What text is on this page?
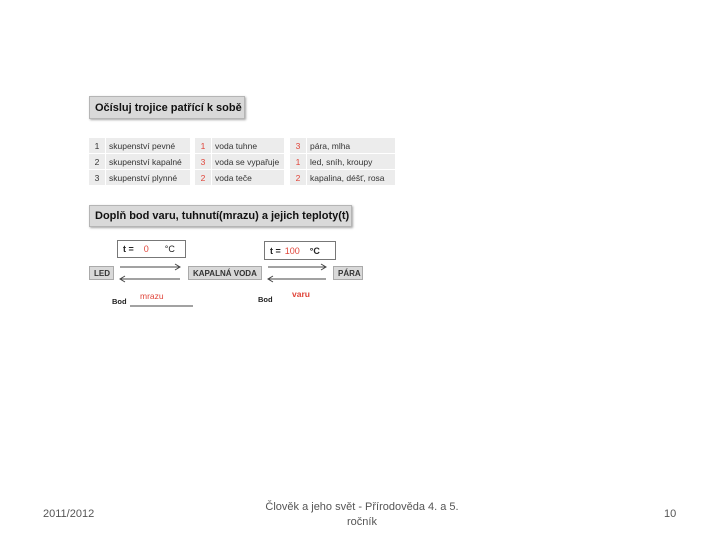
Očísluj trojice patřící k sobě
1	skupenství pevné	1	voda tuhne	3	pára, mlha
2	skupenství kapalné	3	voda se vypařuje	1	led, sníh, kroupy
3	skupenství plynné	2	voda teče	2	kapalina, déšť, rosa
Doplň bod varu, tuhnutí(mrazu) a jejich teploty(t)
t = 0	°C	t = 100 °C
LED	KAPALNÁ VODA	PÁRA
Bod
mrazu	Bod
varu
2011/2012
Člověk a jeho svět - Přírodověda 4. a 5.
ročník
10
